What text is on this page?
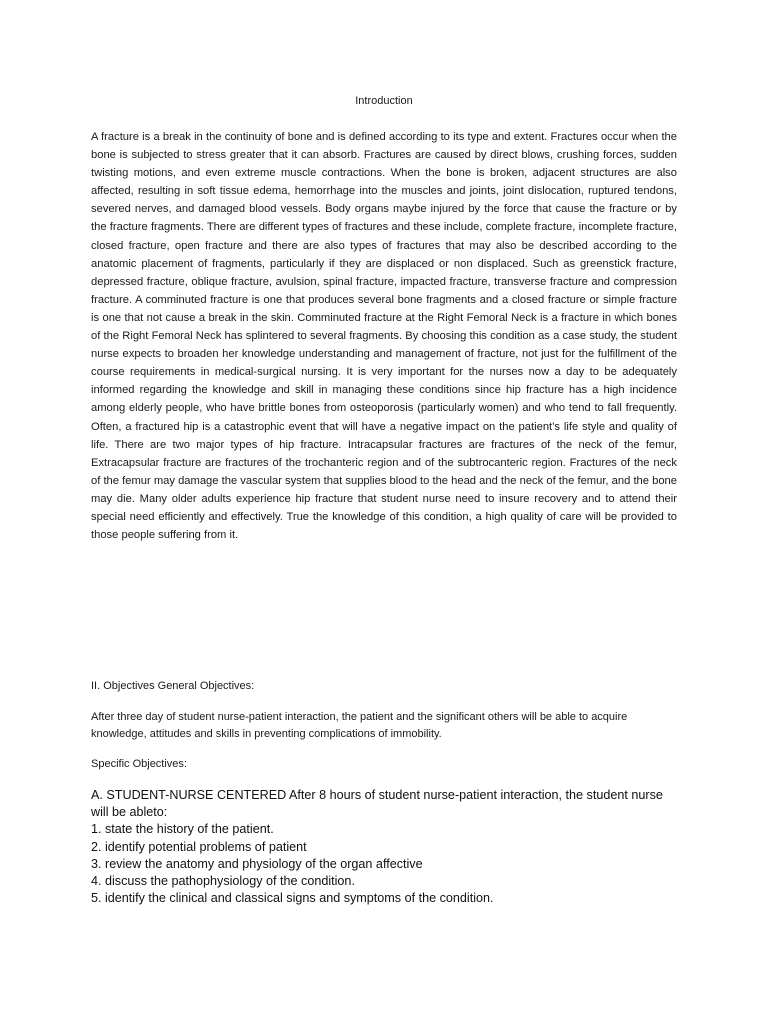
Introduction

A fracture is a break in the continuity of bone and is defined according to its type and extent. Fractures occur when the bone is subjected to stress greater that it can absorb. Fractures are caused by direct blows, crushing forces, sudden twisting motions, and even extreme muscle contractions. When the bone is broken, adjacent structures are also affected, resulting in soft tissue edema, hemorrhage into the muscles and joints, joint dislocation, ruptured tendons, severed nerves, and damaged blood vessels. Body organs maybe injured by the force that cause the fracture or by the fracture fragments. There are different types of fractures and these include, complete fracture, incomplete fracture, closed fracture, open fracture and there are also types of fractures that may also be described according to the anatomic placement of fragments, particularly if they are displaced or non displaced. Such as greenstick fracture, depressed fracture, oblique fracture, avulsion, spinal fracture, impacted fracture, transverse fracture and compression fracture. A comminuted fracture is one that produces several bone fragments and a closed fracture or simple fracture is one that not cause a break in the skin. Comminuted fracture at the Right Femoral Neck is a fracture in which bones of the Right Femoral Neck has splintered to several fragments. By choosing this condition as a case study, the student nurse expects to broaden her knowledge understanding and management of fracture, not just for the fulfillment of the course requirements in medical-surgical nursing. It is very important for the nurses now a day to be adequately informed regarding the knowledge and skill in managing these conditions since hip fracture has a high incidence among elderly people, who have brittle bones from osteoporosis (particularly women) and who tend to fall frequently. Often, a fractured hip is a catastrophic event that will have a negative impact on the patient’s life style and quality of life. There are two major types of hip fracture. Intracapsular fractures are fractures of the neck of the femur, Extracapsular fracture are fractures of the trochanteric region and of the subtrocanteric region. Fractures of the neck of the femur may damage the vascular system that supplies blood to the head and the neck of the femur, and the bone may die. Many older adults experience hip fracture that student nurse need to insure recovery and to attend their special need efficiently and effectively. True the knowledge of this condition, a high quality of care will be provided to those people suffering from it.

II. Objectives General Objectives:

After three day of student nurse-patient interaction, the patient and the significant others will be able to acquire knowledge, attitudes and skills in preventing complications of immobility.

Specific Objectives:

A. STUDENT-NURSE CENTERED After 8 hours of student nurse-patient interaction, the student nurse will be ableto:
1. state the history of the patient.
2. identify potential problems of patient
3. review the anatomy and physiology of the organ affective
4. discuss the pathophysiology of the condition.
5. identify the clinical and classical signs and symptoms of the condition.
